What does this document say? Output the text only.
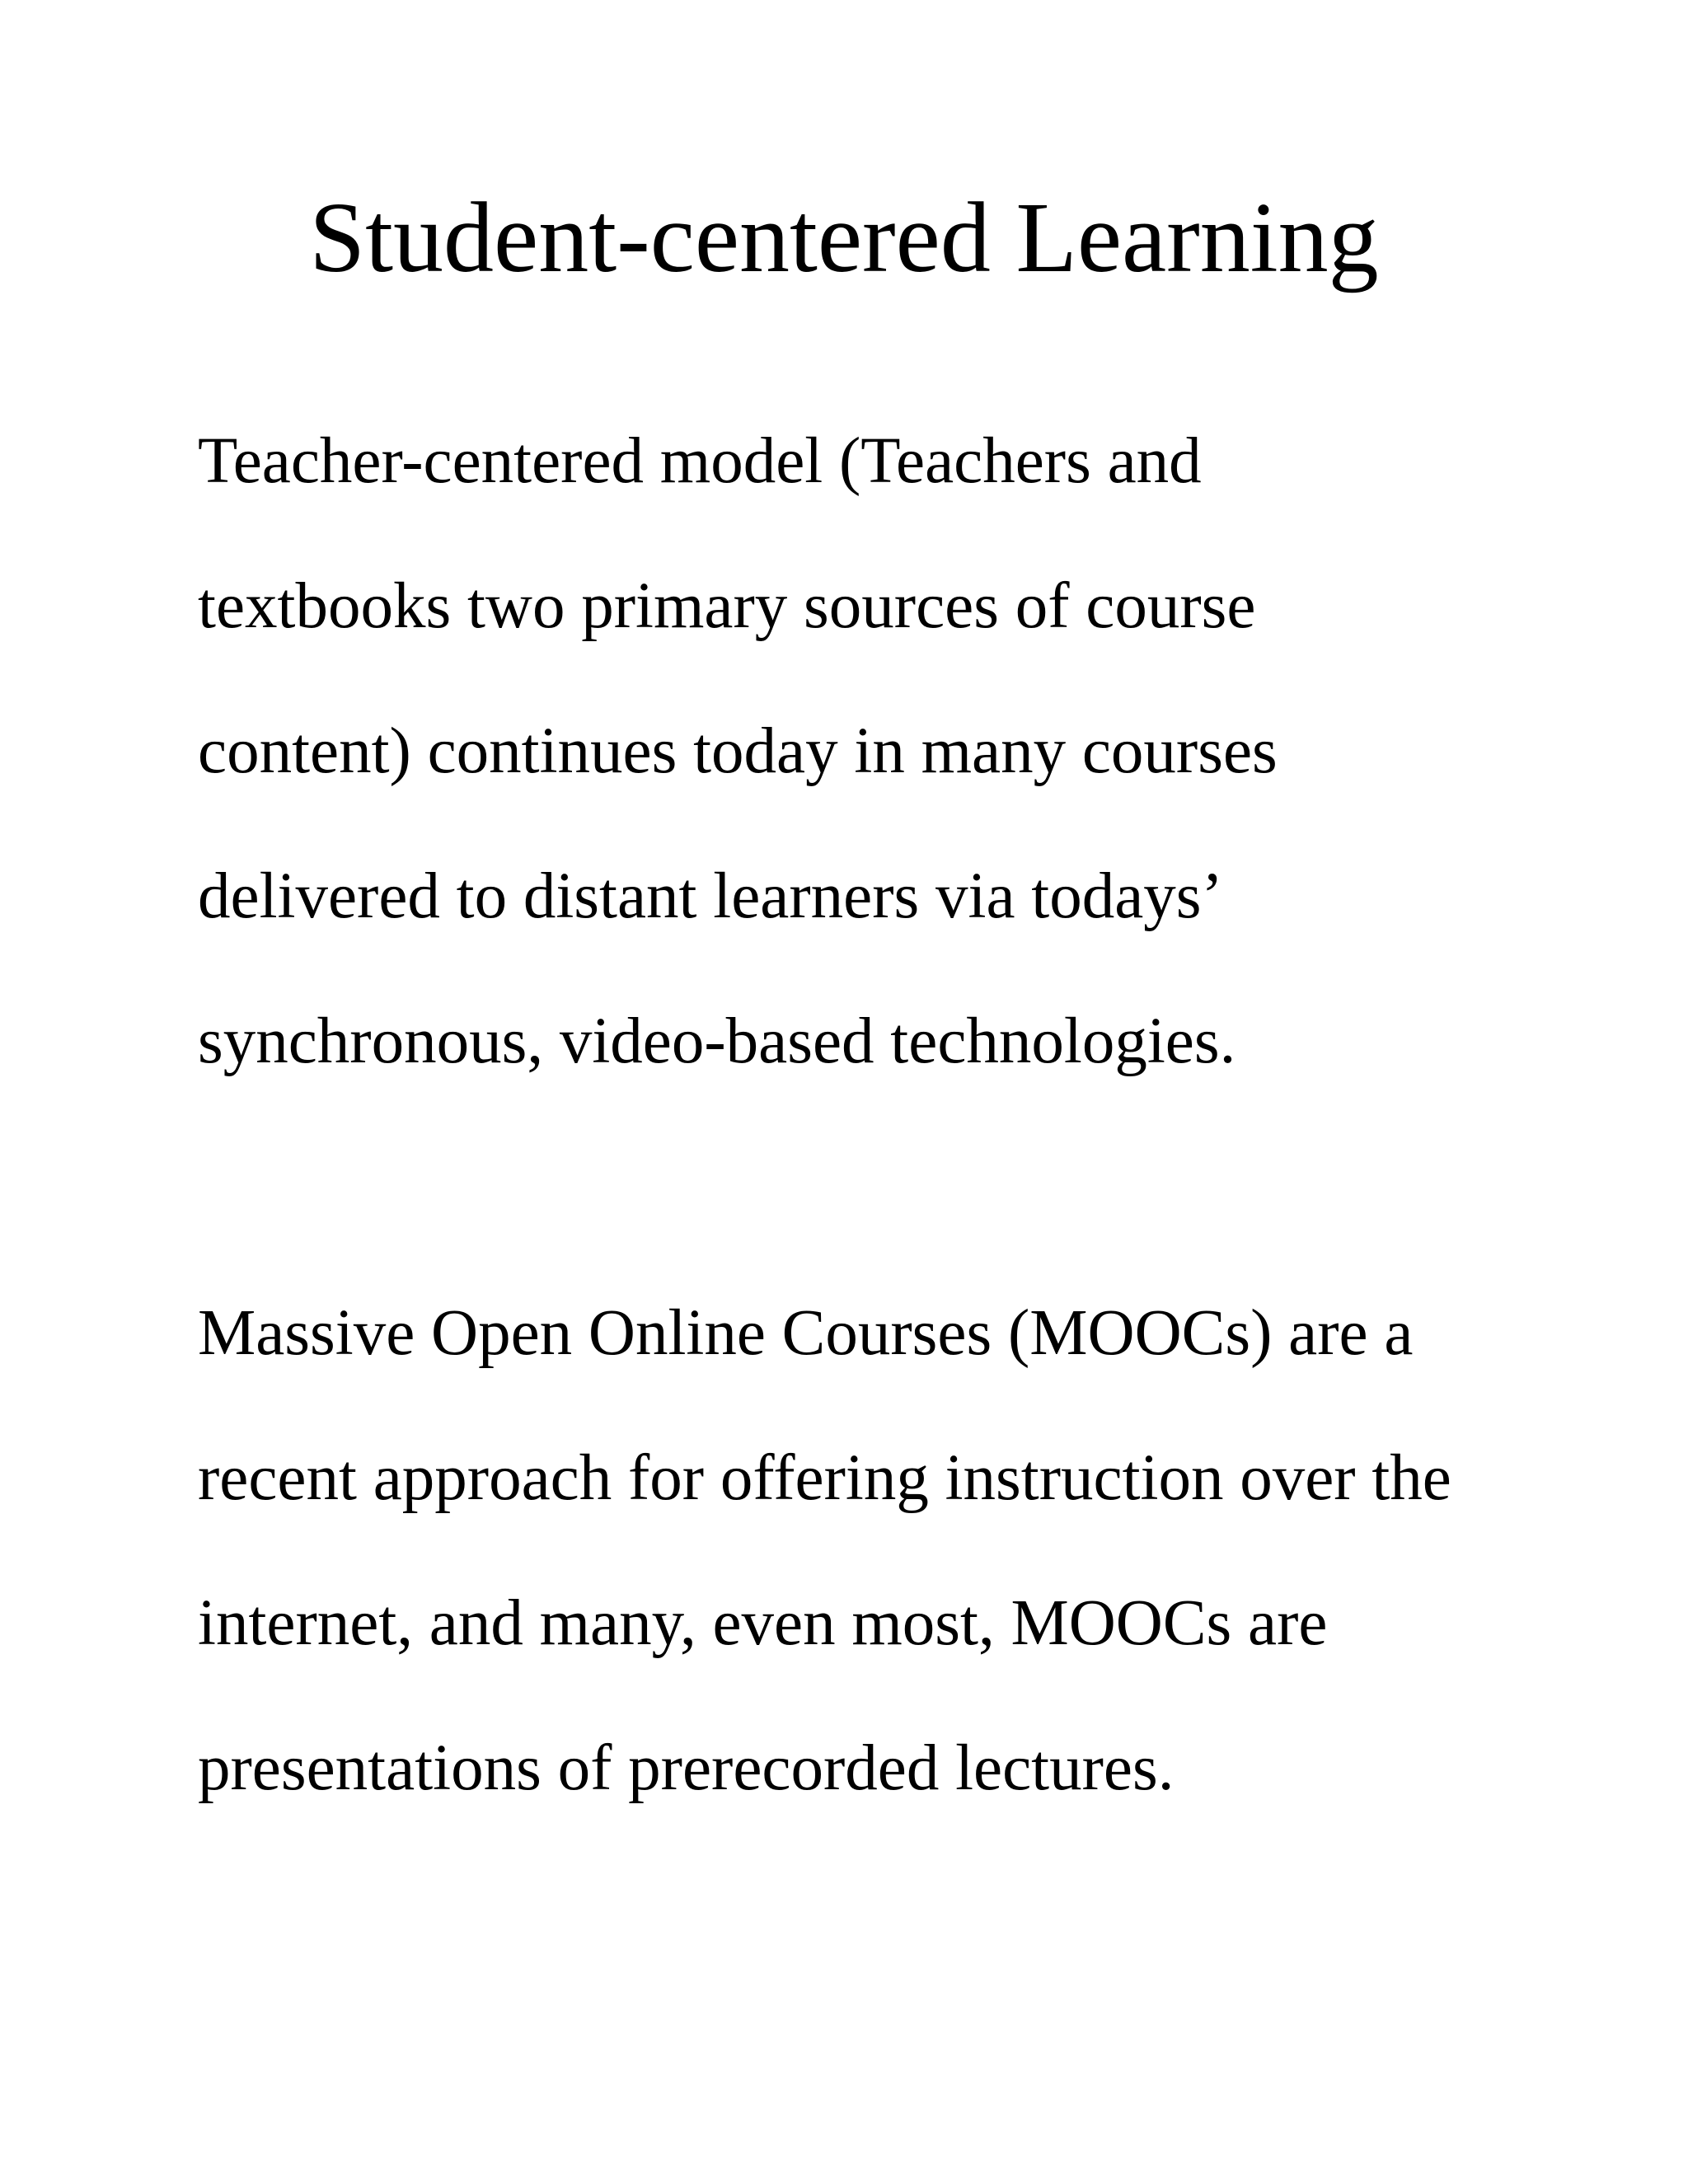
Student-centered Learning

Teacher-centered model (Teachers and

textbooks two primary sources of course

content) continues today in many courses

delivered to distant learners via todays’

synchronous, video-based technologies.

Massive Open Online Courses (MOOCs) are a

recent approach for offering instruction over the

internet, and many, even most, MOOCs are

presentations of prerecorded lectures.
